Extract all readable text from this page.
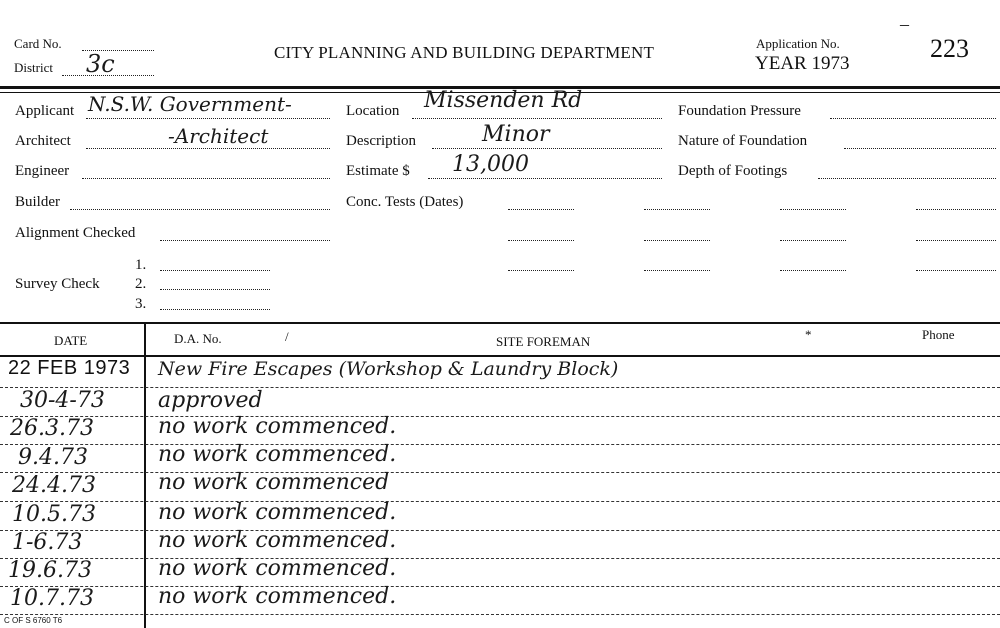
Card No.
District 3c	CITY PLANNING AND BUILDING DEPARTMENT	Application No.
YEAR 1973
–
223
Applicant N.S.W. Government-
Architect	-Architect
Engineer
Builder
Alignment Checked
Survey Check
1.
2.
3.
Location Missenden Rd
Description	Minor
Estimate $ 13,000
Conc. Tests (Dates)
Foundation Pressure
Nature of Foundation
Depth of Footings
DATE	D.A. No.	/	SITE FOREMAN	*	Phone
22 FEB 1973	New Fire Escapes (Workshop & Laundry Block)
30-4-73	approved
26.3.73	no work commenced.
9.4.73	no work commenced.
24.4.73	no work commenced
10.5.73	no work commenced.
1-6.73	no work commenced.
19.6.73	no work commenced.
10.7.73	no work commenced.
C OF S 6760 T6
